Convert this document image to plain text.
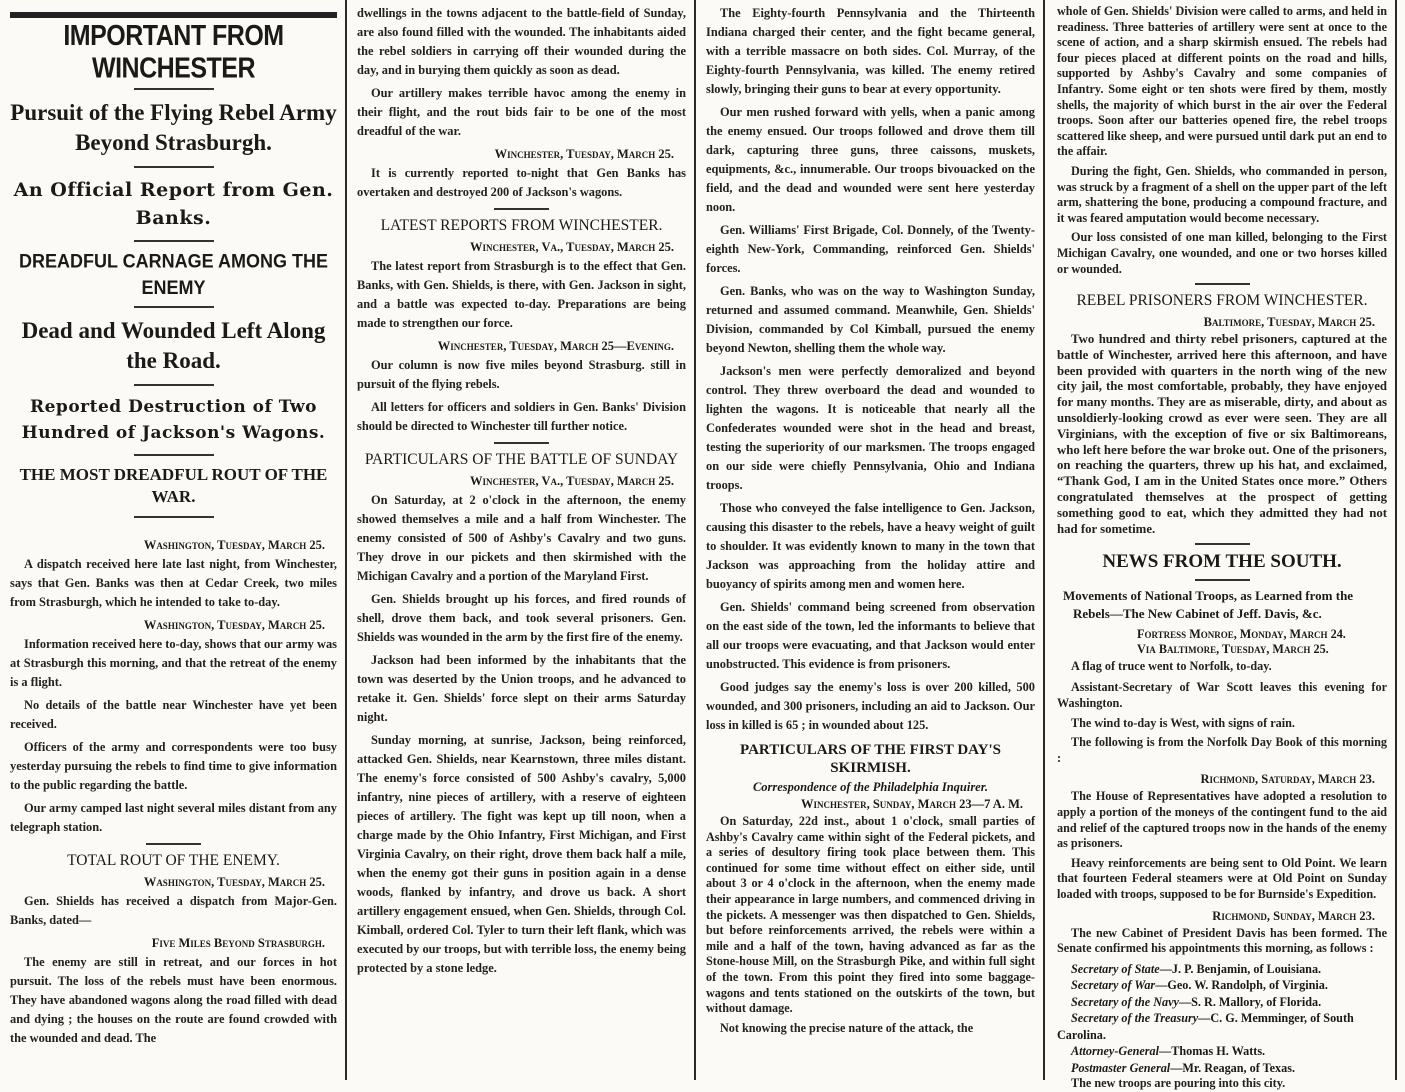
IMPORTANT FROM WINCHESTER
Pursuit of the Flying Rebel Army Beyond Strasburgh.
An Official Report from Gen. Banks.
DREADFUL CARNAGE AMONG THE ENEMY
Dead and Wounded Left Along the Road.
Reported Destruction of Two Hundred of Jackson's Wagons.
THE MOST DREADFUL ROUT OF THE WAR.
Washington, Tuesday, March 25.

A dispatch received here late last night, from Winchester, says that Gen. Banks was then at Cedar Creek, two miles from Strasburgh, which he intended to take to-day.

Washington, Tuesday, March 25.

Information received here to-day, shows that our army was at Strasburgh this morning, and that the retreat of the enemy is a flight.

No details of the battle near Winchester have yet been received.

Officers of the army and correspondents were too busy yesterday pursuing the rebels to find time to give information to the public regarding the battle.

Our army camped last night several miles distant from any telegraph station.

TOTAL ROUT OF THE ENEMY.
Washington, Tuesday, March 25.

Gen. Shields has received a dispatch from Major-Gen. Banks, dated—

Five Miles Beyond Strasburgh.

The enemy are still in retreat, and our forces in hot pursuit. The loss of the rebels must have been enormous. They have abandoned wagons along the road filled with dead and dying ; the houses on the route are found crowded with the wounded and dead. The

dwellings in the towns adjacent to the battle-field of Sunday, are also found filled with the wounded. The inhabitants aided the rebel soldiers in carrying off their wounded during the day, and in burying them quickly as soon as dead.

Our artillery makes terrible havoc among the enemy in their flight, and the rout bids fair to be one of the most dreadful of the war.

Winchester, Tuesday, March 25.

It is currently reported to-night that Gen Banks has overtaken and destroyed 200 of Jackson's wagons.

LATEST REPORTS FROM WINCHESTER.
Winchester, Va., Tuesday, March 25.

The latest report from Strasburgh is to the effect that Gen. Banks, with Gen. Shields, is there, with Gen. Jackson in sight, and a battle was expected to-day. Preparations are being made to strengthen our force.

Winchester, Tuesday, March 25—Evening.

Our column is now five miles beyond Strasburg. still in pursuit of the flying rebels.

All letters for officers and soldiers in Gen. Banks' Division should be directed to Winchester till further notice.

PARTICULARS OF THE BATTLE OF SUNDAY
Winchester, Va., Tuesday, March 25.

On Saturday, at 2 o'clock in the afternoon, the enemy showed themselves a mile and a half from Winchester. The enemy consisted of 500 of Ashby's Cavalry and two guns. They drove in our pickets and then skirmished with the Michigan Cavalry and a portion of the Maryland First.

Gen. Shields brought up his forces, and fired rounds of shell, drove them back, and took several prisoners. Gen. Shields was wounded in the arm by the first fire of the enemy.

Jackson had been informed by the inhabitants that the town was deserted by the Union troops, and he advanced to retake it. Gen. Shields' force slept on their arms Saturday night.

Sunday morning, at sunrise, Jackson, being reinforced, attacked Gen. Shields, near Kearnstown, three miles distant. The enemy's force consisted of 500 Ashby's cavalry, 5,000 infantry, nine pieces of artillery, with a reserve of eighteen pieces of artillery. The fight was kept up till noon, when a charge made by the Ohio Infantry, First Michigan, and First Virginia Cavalry, on their right, drove them back half a mile, when the enemy got their guns in position again in a dense woods, flanked by infantry, and drove us back. A short artillery engagement ensued, when Gen. Shields, through Col. Kimball, ordered Col. Tyler to turn their left flank, which was executed by our troops, but with terrible loss, the enemy being protected by a stone ledge.

The Eighty-fourth Pennsylvania and the Thirteenth Indiana charged their center, and the fight became general, with a terrible massacre on both sides. Col. Murray, of the Eighty-fourth Pennsylvania, was killed. The enemy retired slowly, bringing their guns to bear at every opportunity.

Our men rushed forward with yells, when a panic among the enemy ensued. Our troops followed and drove them till dark, capturing three guns, three caissons, muskets, equipments, &c., innumerable. Our troops bivouacked on the field, and the dead and wounded were sent here yesterday noon.

Gen. Williams' First Brigade, Col. Donnely, of the Twenty-eighth New-York, Commanding, reinforced Gen. Shields' forces.

Gen. Banks, who was on the way to Washington Sunday, returned and assumed command. Meanwhile, Gen. Shields' Division, commanded by Col Kimball, pursued the enemy beyond Newton, shelling them the whole way.

Jackson's men were perfectly demoralized and beyond control. They threw overboard the dead and wounded to lighten the wagons. It is noticeable that nearly all the Confederates wounded were shot in the head and breast, testing the superiority of our marksmen. The troops engaged on our side were chiefly Pennsylvania, Ohio and Indiana troops.

Those who conveyed the false intelligence to Gen. Jackson, causing this disaster to the rebels, have a heavy weight of guilt to shoulder. It was evidently known to many in the town that Jackson was approaching from the holiday attire and buoyancy of spirits among men and women here.

Gen. Shields' command being screened from observation on the east side of the town, led the informants to believe that all our troops were evacuating, and that Jackson would enter unobstructed. This evidence is from prisoners.

Good judges say the enemy's loss is over 200 killed, 500 wounded, and 300 prisoners, including an aid to Jackson. Our loss in killed is 65 ; in wounded about 125.

PARTICULARS OF THE FIRST DAY'S SKIRMISH.
Correspondence of the Philadelphia Inquirer.
Winchester, Sunday, March 23—7 A. M.

On Saturday, 22d inst., about 1 o'clock, small parties of Ashby's Cavalry came within sight of the Federal pickets, and a series of desultory firing took place between them. This continued for some time without effect on either side, until about 3 or 4 o'clock in the afternoon, when the enemy made their appearance in large numbers, and commenced driving in the pickets. A messenger was then dispatched to Gen. Shields, but before reinforcements arrived, the rebels were within a mile and a half of the town, having advanced as far as the Stone-house Mill, on the Strasburgh Pike, and within full sight of the town. From this point they fired into some baggage-wagons and tents stationed on the outskirts of the town, but without damage.

Not knowing the precise nature of the attack, the

whole of Gen. Shields' Division were called to arms, and held in readiness. Three batteries of artillery were sent at once to the scene of action, and a sharp skirmish ensued. The rebels had four pieces placed at different points on the road and hills, supported by Ashby's Cavalry and some companies of Infantry. Some eight or ten shots were fired by them, mostly shells, the majority of which burst in the air over the Federal troops. Soon after our batteries opened fire, the rebel troops scattered like sheep, and were pursued until dark put an end to the affair.

During the fight, Gen. Shields, who commanded in person, was struck by a fragment of a shell on the upper part of the left arm, shattering the bone, producing a compound fracture, and it was feared amputation would become necessary.

Our loss consisted of one man killed, belonging to the First Michigan Cavalry, one wounded, and one or two horses killed or wounded.

REBEL PRISONERS FROM WINCHESTER.
Baltimore, Tuesday, March 25.

Two hundred and thirty rebel prisoners, captured at the battle of Winchester, arrived here this afternoon, and have been provided with quarters in the north wing of the new city jail, the most comfortable, probably, they have enjoyed for many months. They are as miserable, dirty, and about as unsoldierly-looking crowd as ever were seen. They are all Virginians, with the exception of five or six Baltimoreans, who left here before the war broke out. One of the prisoners, on reaching the quarters, threw up his hat, and exclaimed, “Thank God, I am in the United States once more.” Others congratulated themselves at the prospect of getting something good to eat, which they admitted they had not had for sometime.

NEWS FROM THE SOUTH.
Movements of National Troops, as Learned from the Rebels—The New Cabinet of Jeff. Davis, &c.
Fortress Monroe, Monday, March 24.
Via Baltimore, Tuesday, March 25.

A flag of truce went to Norfolk, to-day.

Assistant-Secretary of War Scott leaves this evening for Washington.

The wind to-day is West, with signs of rain.

The following is from the Norfolk Day Book of this morning :

Richmond, Saturday, March 23.

The House of Representatives have adopted a resolution to apply a portion of the moneys of the contingent fund to the aid and relief of the captured troops now in the hands of the enemy as prisoners.

Heavy reinforcements are being sent to Old Point. We learn that fourteen Federal steamers were at Old Point on Sunday loaded with troops, supposed to be for Burnside's Expedition.

Richmond, Sunday, March 23.

The new Cabinet of President Davis has been formed. The Senate confirmed his appointments this morning, as follows :

Secretary of State—J. P. Benjamin, of Louisiana.
Secretary of War—Geo. W. Randolph, of Virginia.
Secretary of the Navy—S. R. Mallory, of Florida.
Secretary of the Treasury—C. G. Memminger, of South Carolina.
Attorney-General—Thomas H. Watts.
Postmaster General—Mr. Reagan, of Texas.

The new troops are pouring into this city.
